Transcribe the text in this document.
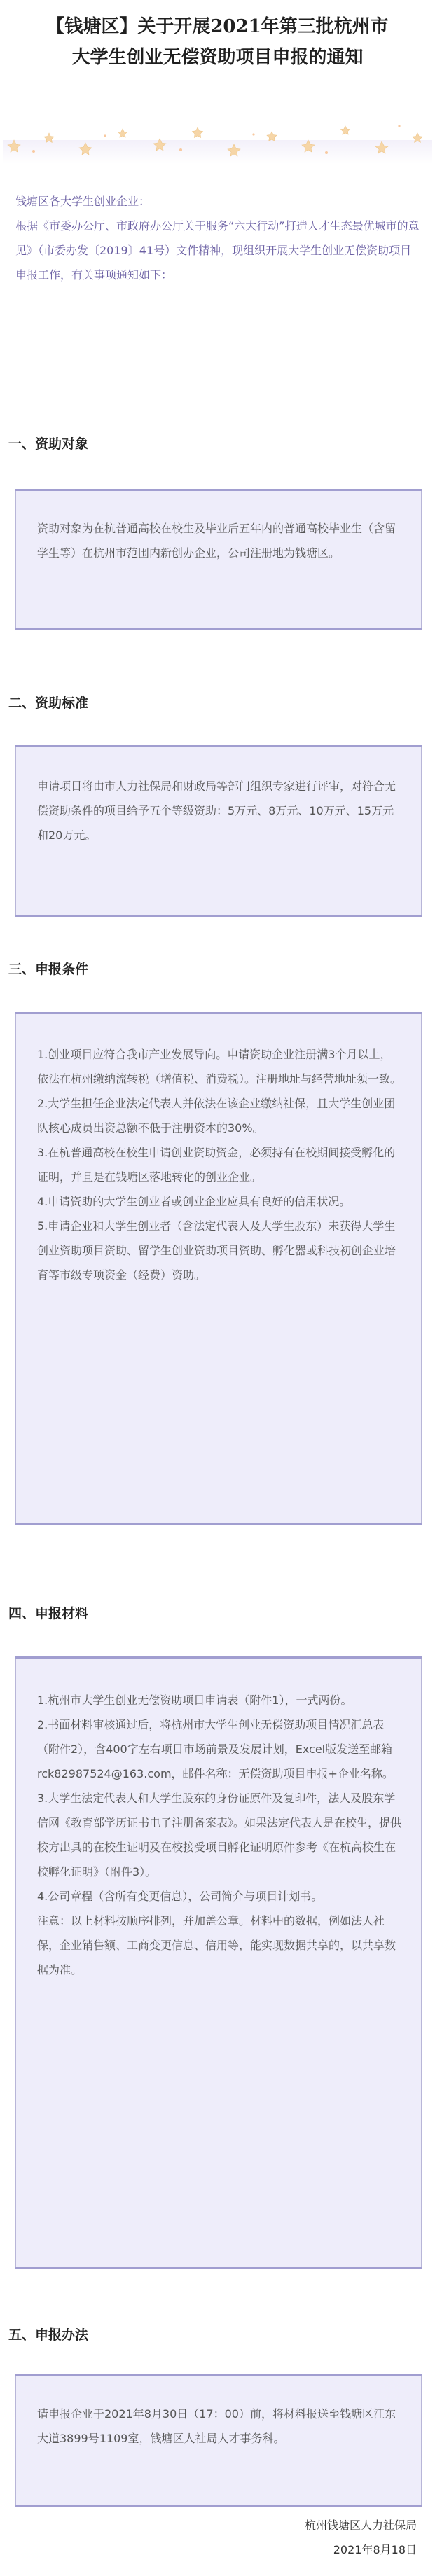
【钱塘区】关于开展2021年第三批杭州市
大学生创业无偿资助项目申报的通知

钱塘区各大学生创业企业：

根据《市委办公厅、市政府办公厅关于服务“六大行动”打造人才生态最优城市的意见》（市委办发〔2019〕41号）文件精神，现组织开展大学生创业无偿资助项目申报工作，有关事项通知如下：

一、资助对象

资助对象为在杭普通高校在校生及毕业后五年内的普通高校毕业生（含留学生等）在杭州市范围内新创办企业，公司注册地为钱塘区。

二、资助标准

申请项目将由市人力社保局和财政局等部门组织专家进行评审，对符合无偿资助条件的项目给予五个等级资助：5万元、8万元、10万元、15万元和20万元。

三、申报条件

1.创业项目应符合我市产业发展导向。申请资助企业注册满3个月以上，依法在杭州缴纳流转税（增值税、消费税）。注册地址与经营地址须一致。

2.大学生担任企业法定代表人并依法在该企业缴纳社保，且大学生创业团队核心成员出资总额不低于注册资本的30%。

3.在杭普通高校在校生申请创业资助资金，必须持有在校期间接受孵化的证明，并且是在钱塘区落地转化的创业企业。

4.申请资助的大学生创业者或创业企业应具有良好的信用状况。

5.申请企业和大学生创业者（含法定代表人及大学生股东）未获得大学生创业资助项目资助、留学生创业资助项目资助、孵化器或科技初创企业培育等市级专项资金（经费）资助。

四、申报材料

1.杭州市大学生创业无偿资助项目申请表（附件1），一式两份。

2.书面材料审核通过后，将杭州市大学生创业无偿资助项目情况汇总表（附件2），含400字左右项目市场前景及发展计划，Excel版发送至邮箱rck82987524@163.com，邮件名称：无偿资助项目申报+企业名称。

3.大学生法定代表人和大学生股东的身份证原件及复印件，法人及股东学信网《教育部学历证书电子注册备案表》。如果法定代表人是在校生，提供校方出具的在校生证明及在校接受项目孵化证明原件参考《在杭高校生在校孵化证明》（附件3）。

4.公司章程（含所有变更信息），公司简介与项目计划书。

注意：以上材料按顺序排列，并加盖公章。材料中的数据，例如法人社保，企业销售额、工商变更信息、信用等，能实现数据共享的，以共享数据为准。

五、申报办法

请申报企业于2021年8月30日（17：00）前，将材料报送至钱塘区江东大道3899号1109室，钱塘区人社局人才事务科。

杭州钱塘区人力社保局
2021年8月18日
